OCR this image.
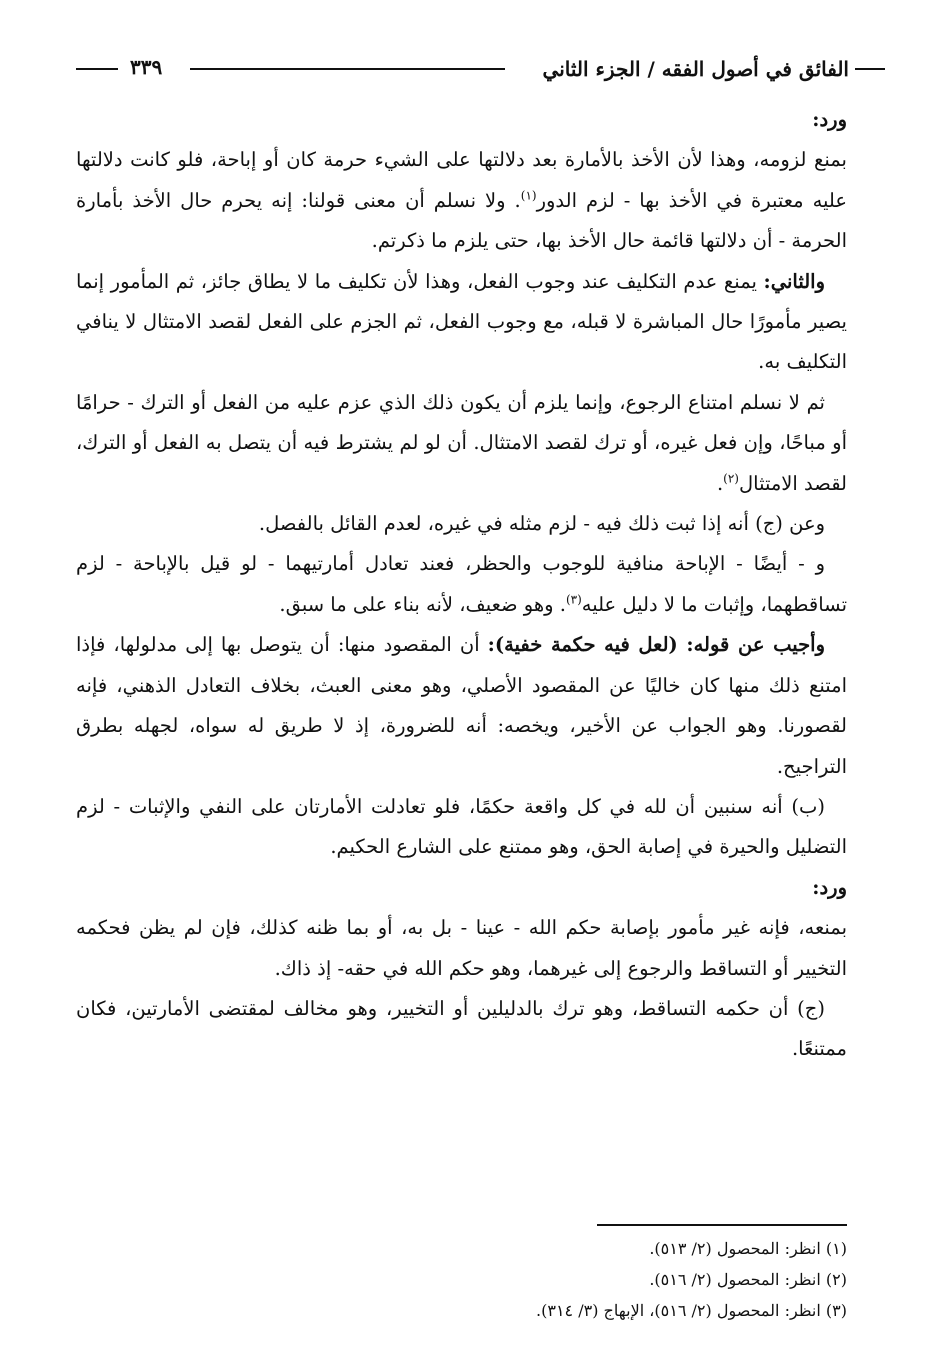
الفائق في أصول الفقه / الجزء الثاني
٣٣٩

ورد:

بمنع لزومه، وهذا لأن الأخذ بالأمارة بعد دلالتها على الشيء حرمة كان أو إباحة، فلو كانت دلالتها عليه معتبرة في الأخذ بها - لزم الدور$^{(١)}$. ولا نسلم أن معنى قولنا: إنه يحرم حال الأخذ بأمارة الحرمة - أن دلالتها قائمة حال الأخذ بها، حتى يلزم ما ذكرتم.

والثاني: يمنع عدم التكليف عند وجوب الفعل، وهذا لأن تكليف ما لا يطاق جائز، ثم المأمور إنما يصير مأمورًا حال المباشرة لا قبله، مع وجوب الفعل، ثم الجزم على الفعل لقصد الامتثال لا ينافي التكليف به.

ثم لا نسلم امتناع الرجوع، وإنما يلزم أن يكون ذلك الذي عزم عليه من الفعل أو الترك - حرامًا أو مباحًا، وإن فعل غيره، أو ترك لقصد الامتثال. أن لو لم يشترط فيه أن يتصل به الفعل أو الترك، لقصد الامتثال$^{(٢)}$.

وعن (ج) أنه إذا ثبت ذلك فيه - لزم مثله في غيره، لعدم القائل بالفصل.

و - أيضًا - الإباحة منافية للوجوب والحظر، فعند تعادل أمارتيهما - لو قيل بالإباحة - لزم تساقطهما، وإثبات ما لا دليل عليه$^{(٣)}$. وهو ضعيف، لأنه بناء على ما سبق.

وأجيب عن قوله: (لعل فيه حكمة خفية): أن المقصود منها: أن يتوصل بها إلى مدلولها، فإذا امتنع ذلك منها كان خاليًا عن المقصود الأصلي، وهو معنى العبث، بخلاف التعادل الذهني، فإنه لقصورنا. وهو الجواب عن الأخير، ويخصه: أنه للضرورة، إذ لا طريق له سواه، لجهله بطرق التراجيح.

(ب) أنه سنبين أن لله في كل واقعة حكمًا، فلو تعادلت الأمارتان على النفي والإثبات - لزم التضليل والحيرة في إصابة الحق، وهو ممتنع على الشارع الحكيم.

ورد:

بمنعه، فإنه غير مأمور بإصابة حكم الله - عينا - بل به، أو بما ظنه كذلك، فإن لم يظن فحكمه التخيير أو التساقط والرجوع إلى غيرهما، وهو حكم الله في حقه- إذ ذاك.

(ج) أن حكمه التساقط، وهو ترك بالدليلين أو التخيير، وهو مخالف لمقتضى الأمارتين، فكان ممتنعًا.

(١) انظر: المحصول (٢/ ٥١٣).
(٢) انظر: المحصول (٢/ ٥١٦).
(٣) انظر: المحصول (٢/ ٥١٦)، الإبهاج (٣/ ٣١٤).
